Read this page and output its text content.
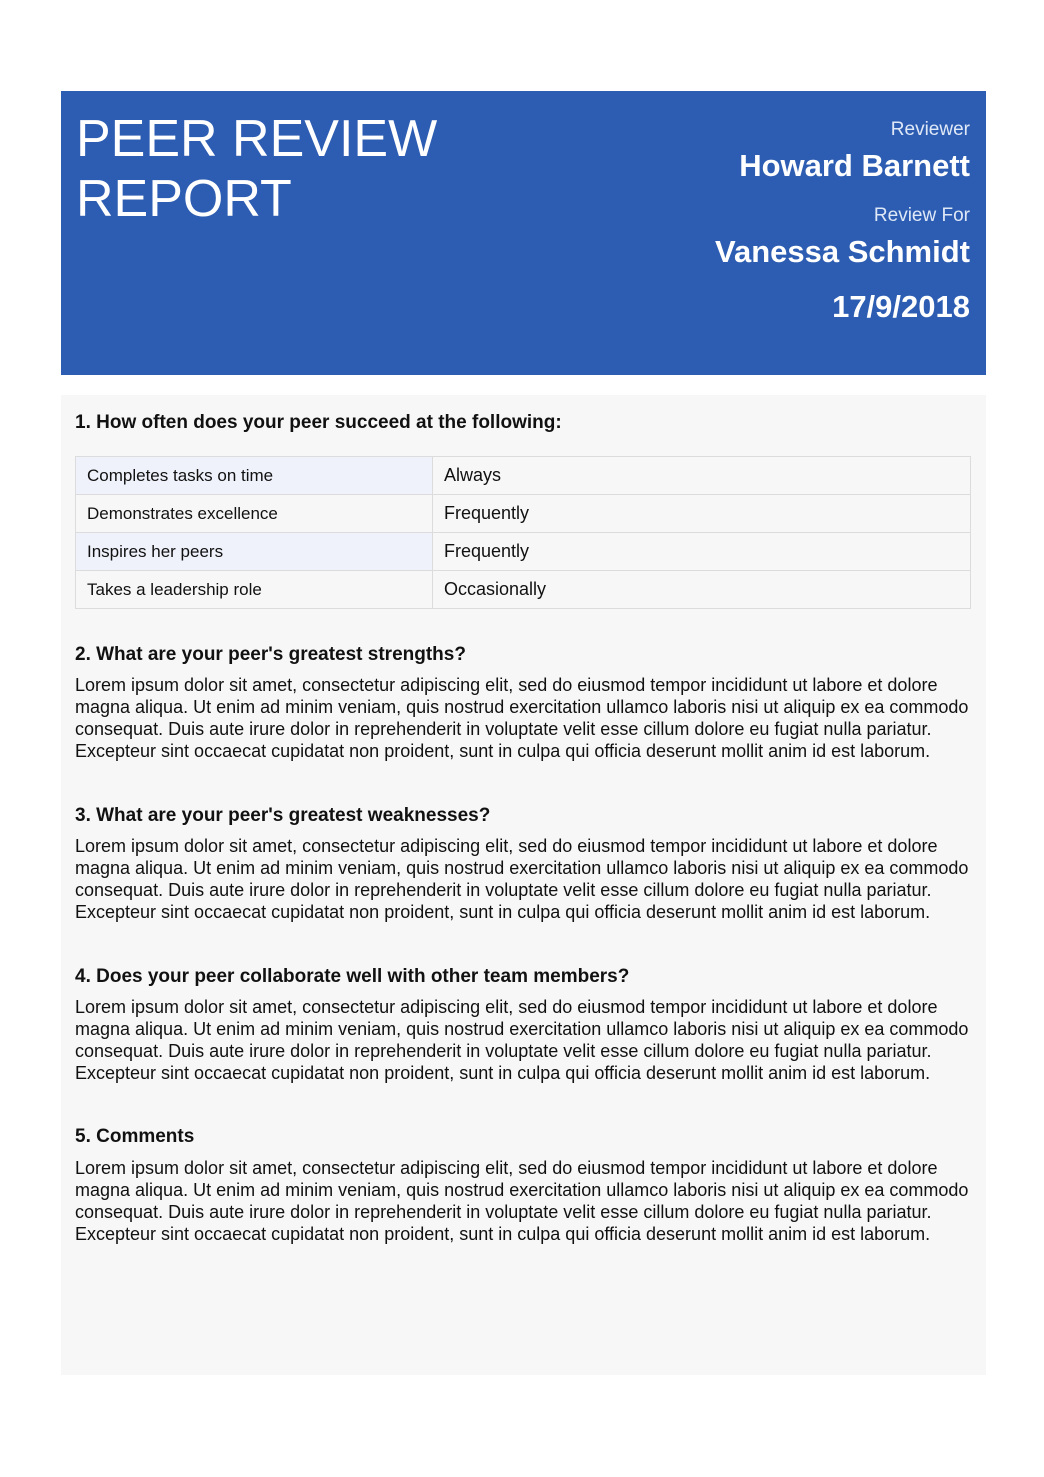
PEER REVIEW
REPORT
Reviewer
Howard Barnett
Review For
Vanessa Schmidt
17/9/2018
1. How often does your peer succeed at the following:
Completes tasks on time	Always
Demonstrates excellence	Frequently
Inspires her peers	Frequently
Takes a leadership role	Occasionally
2. What are your peer's greatest strengths?

Lorem ipsum dolor sit amet, consectetur adipiscing elit, sed do eiusmod tempor incididunt ut labore et dolore magna aliqua. Ut enim ad minim veniam, quis nostrud exercitation ullamco laboris nisi ut aliquip ex ea commodo consequat. Duis aute irure dolor in reprehenderit in voluptate velit esse cillum dolore eu fugiat nulla pariatur. Excepteur sint occaecat cupidatat non proident, sunt in culpa qui officia deserunt mollit anim id est laborum.

3. What are your peer's greatest weaknesses?

Lorem ipsum dolor sit amet, consectetur adipiscing elit, sed do eiusmod tempor incididunt ut labore et dolore magna aliqua. Ut enim ad minim veniam, quis nostrud exercitation ullamco laboris nisi ut aliquip ex ea commodo consequat. Duis aute irure dolor in reprehenderit in voluptate velit esse cillum dolore eu fugiat nulla pariatur. Excepteur sint occaecat cupidatat non proident, sunt in culpa qui officia deserunt mollit anim id est laborum.

4. Does your peer collaborate well with other team members?

Lorem ipsum dolor sit amet, consectetur adipiscing elit, sed do eiusmod tempor incididunt ut labore et dolore magna aliqua. Ut enim ad minim veniam, quis nostrud exercitation ullamco laboris nisi ut aliquip ex ea commodo consequat. Duis aute irure dolor in reprehenderit in voluptate velit esse cillum dolore eu fugiat nulla pariatur. Excepteur sint occaecat cupidatat non proident, sunt in culpa qui officia deserunt mollit anim id est laborum.

5. Comments

Lorem ipsum dolor sit amet, consectetur adipiscing elit, sed do eiusmod tempor incididunt ut labore et dolore magna aliqua. Ut enim ad minim veniam, quis nostrud exercitation ullamco laboris nisi ut aliquip ex ea commodo consequat. Duis aute irure dolor in reprehenderit in voluptate velit esse cillum dolore eu fugiat nulla pariatur. Excepteur sint occaecat cupidatat non proident, sunt in culpa qui officia deserunt mollit anim id est laborum.
